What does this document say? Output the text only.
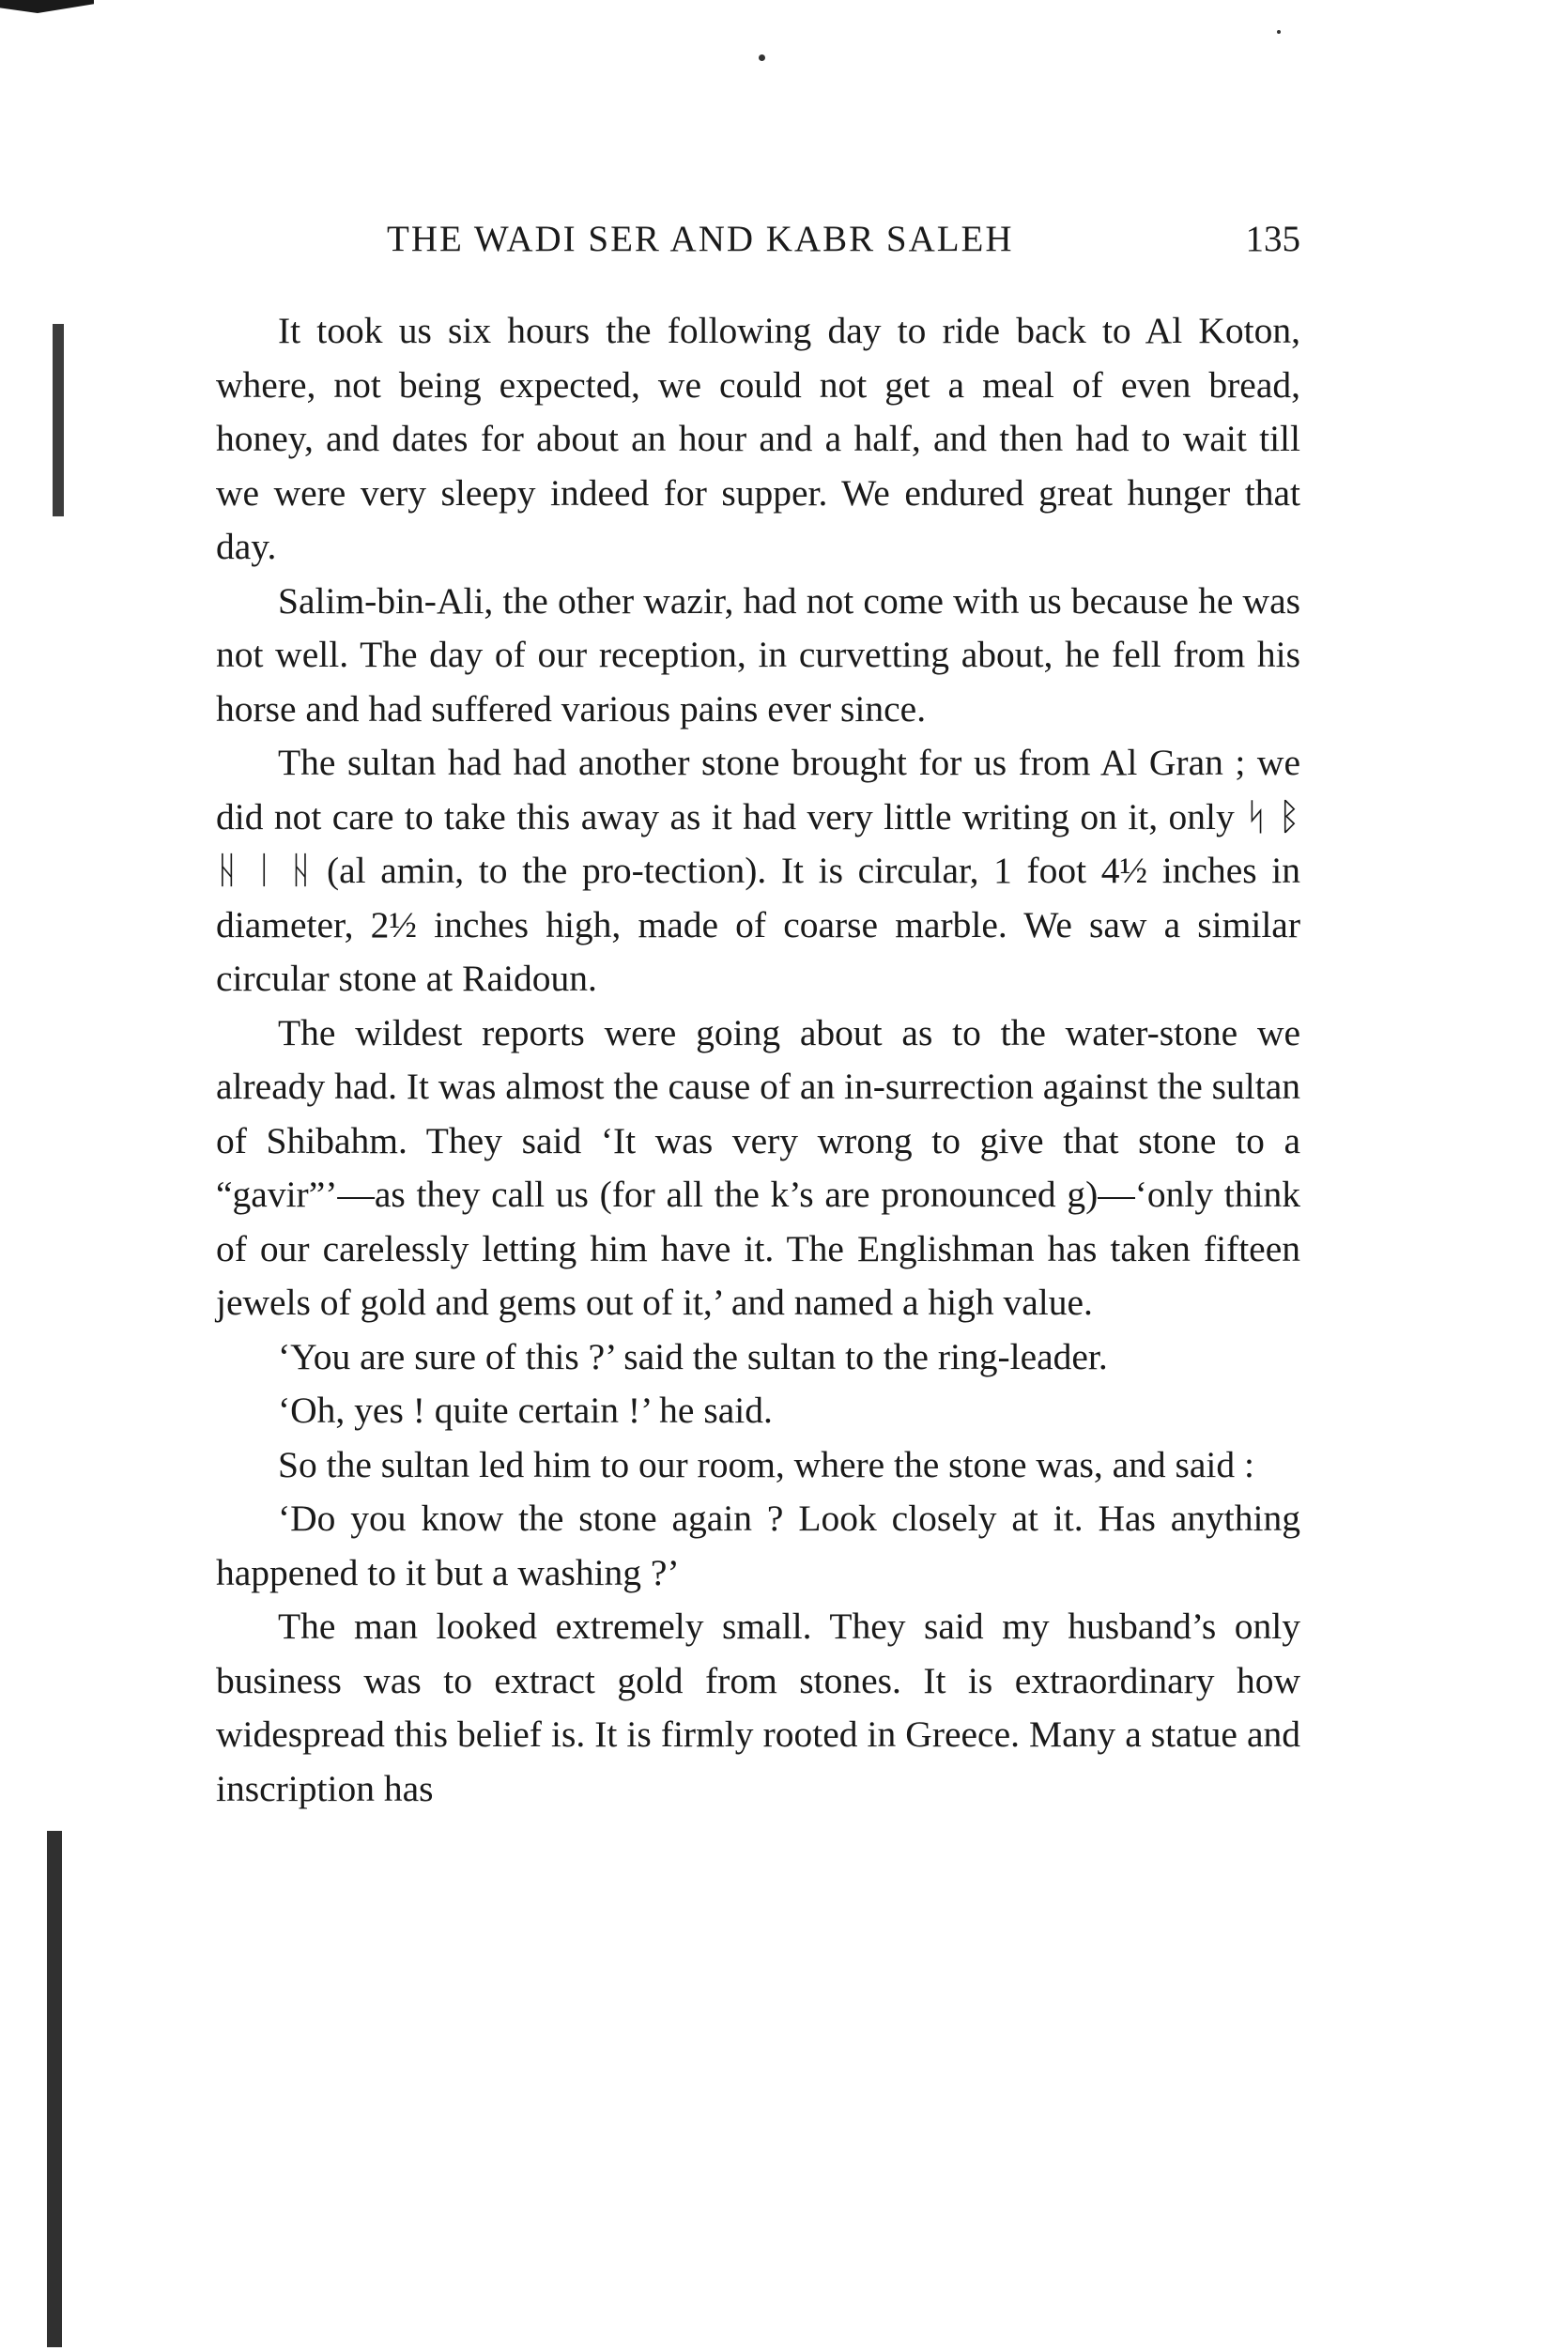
THE WADI SER AND KABR SALEH	135

It took us six hours the following day to ride back to Al Koton, where, not being expected, we could not get a meal of even bread, honey, and dates for about an hour and a half, and then had to wait till we were very sleepy indeed for supper. We endured great hunger that day.

Salim-bin-Ali, the other wazir, had not come with us because he was not well. The day of our reception, in curvetting about, he fell from his horse and had suffered various pains ever since.

The sultan had had another stone brought for us from Al Gran ; we did not care to take this away as it had very little writing on it, only ᛋ ᛒ ᚺ ᛁ ᚺ (al amin, to the pro-tection). It is circular, 1 foot 4½ inches in diameter, 2½ inches high, made of coarse marble. We saw a similar circular stone at Raidoun.

The wildest reports were going about as to the water-stone we already had. It was almost the cause of an in-surrection against the sultan of Shibahm. They said ‘It was very wrong to give that stone to a “gavir”’—as they call us (for all the k’s are pronounced g)—‘only think of our carelessly letting him have it. The Englishman has taken fifteen jewels of gold and gems out of it,’ and named a high value.

‘You are sure of this ?’ said the sultan to the ring-leader.

‘Oh, yes ! quite certain !’ he said.

So the sultan led him to our room, where the stone was, and said :

‘Do you know the stone again ? Look closely at it. Has anything happened to it but a washing ?’

The man looked extremely small. They said my husband’s only business was to extract gold from stones. It is extraordinary how widespread this belief is. It is firmly rooted in Greece. Many a statue and inscription has
